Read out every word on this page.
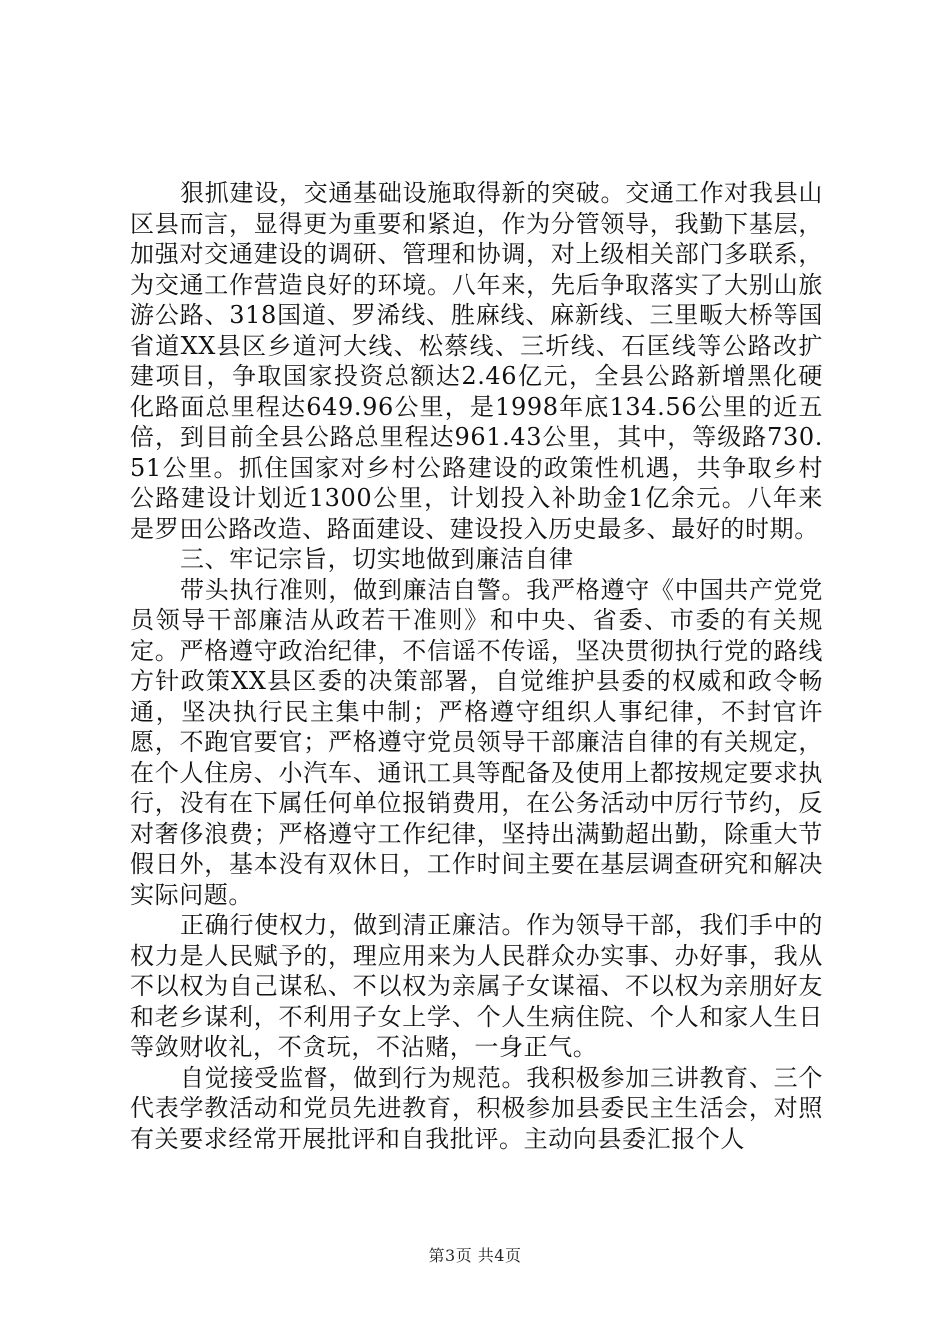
狠抓建设，交通基础设施取得新的突破。交通工作对我县山区县而言，显得更为重要和紧迫，作为分管领导，我勤下基层，加强对交通建设的调研、管理和协调，对上级相关部门多联系，为交通工作营造良好的环境。八年来，先后争取落实了大别山旅游公路、318国道、罗浠线、胜麻线、麻新线、三里畈大桥等国省道XX县区乡道河大线、松蔡线、三圻线、石匡线等公路改扩建项目，争取国家投资总额达2.46亿元，全县公路新增黑化硬化路面总里程达649.96公里，是1998年底134.56公里的近五倍，到目前全县公路总里程达961.43公里，其中，等级路730.51公里。抓住国家对乡村公路建设的政策性机遇，共争取乡村公路建设计划近1300公里，计划投入补助金1亿余元。八年来是罗田公路改造、路面建设、建设投入历史最多、最好的时期。

三、牢记宗旨，切实地做到廉洁自律

带头执行准则，做到廉洁自警。我严格遵守《中国共产党党员领导干部廉洁从政若干准则》和中央、省委、市委的有关规定。严格遵守政治纪律，不信谣不传谣，坚决贯彻执行党的路线方针政策XX县区委的决策部署，自觉维护县委的权威和政令畅通，坚决执行民主集中制；严格遵守组织人事纪律，不封官许愿，不跑官要官；严格遵守党员领导干部廉洁自律的有关规定，在个人住房、小汽车、通讯工具等配备及使用上都按规定要求执行，没有在下属任何单位报销费用，在公务活动中厉行节约，反对奢侈浪费；严格遵守工作纪律，坚持出满勤超出勤，除重大节假日外，基本没有双休日，工作时间主要在基层调查研究和解决实际问题。

正确行使权力，做到清正廉洁。作为领导干部，我们手中的权力是人民赋予的，理应用来为人民群众办实事、办好事，我从不以权为自己谋私、不以权为亲属子女谋福、不以权为亲朋好友和老乡谋利，不利用子女上学、个人生病住院、个人和家人生日等敛财收礼，不贪玩，不沾赌，一身正气。

自觉接受监督，做到行为规范。我积极参加三讲教育、三个代表学教活动和党员先进教育，积极参加县委民主生活会，对照有关要求经常开展批评和自我批评。主动向县委汇报个人

第3页 共4页
